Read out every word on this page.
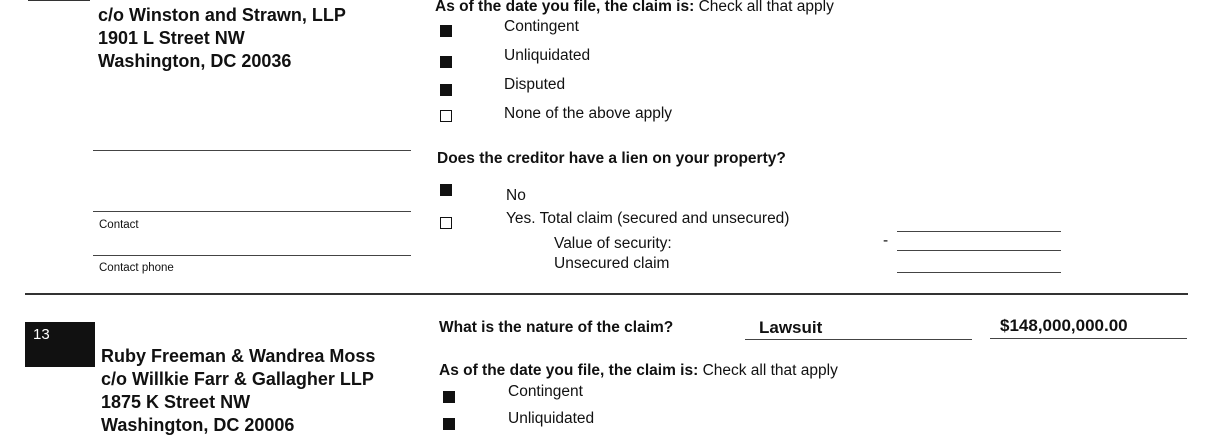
c/o Winston and Strawn, LLP
1901 L Street NW
Washington, DC 20036
Contact
Contact phone
As of the date you file, the claim is: Check all that apply
Contingent
Unliquidated
Disputed
None of the above apply
Does the creditor have a lien on your property?
No
Yes. Total claim (secured and unsecured)
Value of security:
Unsecured claim
-
13
Ruby Freeman & Wandrea Moss
c/o Willkie Farr & Gallagher LLP
1875 K Street NW
Washington, DC 20006
What is the nature of the claim?	Lawsuit	$148,000,000.00
As of the date you file, the claim is: Check all that apply
Contingent
Unliquidated
